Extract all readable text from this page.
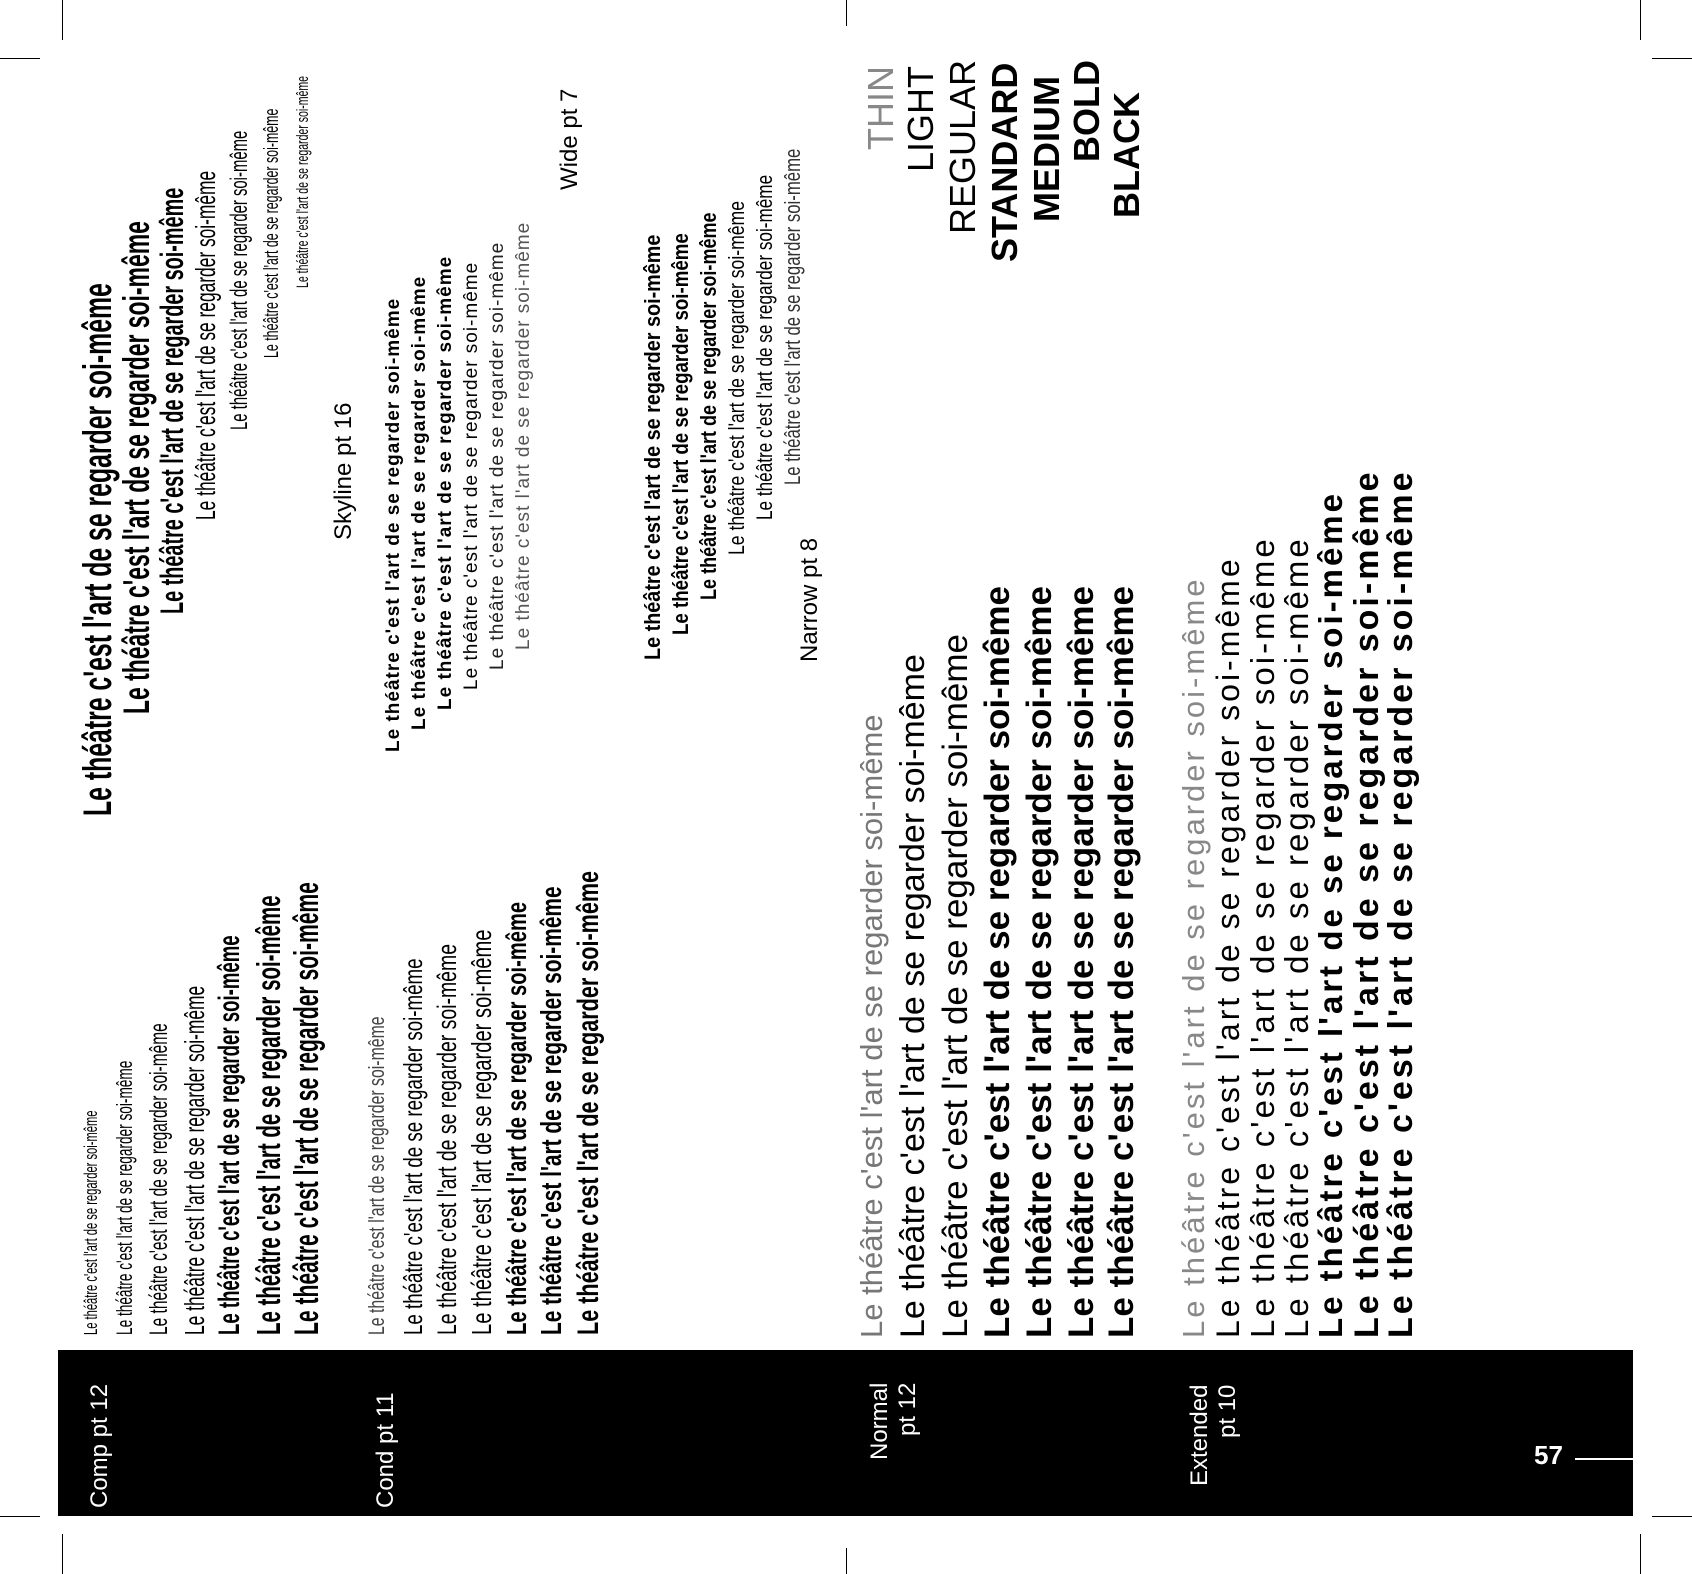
Comp pt 12	Cond pt 11	Normal pt 12	Extended pt 10
57
Le théâtre c'est l'art de se regarder soi-même Le théâtre c'est l'art de se regarder soi-même Le théâtre c'est l'art de se regarder soi-même Le théâtre c'est l'art de se regarder soi-même Le théâtre c'est l'art de se regarder soi-même Le théâtre c'est l'art de se regarder soi-même Le théâtre c'est l'art de se regarder soi-même Le théâtre c'est l'art de se regarder soi-même Le théâtre c'est l'art de se regarder soi-même Le théâtre c'est l'art de se regarder soi-même Le théâtre c'est l'art de se regarder soi-même Le théâtre c'est l'art de se regarder soi-même Le théâtre c'est l'art de se regarder soi-même Le théâtre c'est l'art de se regarder soi-même
Le théâtre c'est l'art de se regarder soi-même
Le théâtre c'est l'art de se regarder soi-même
Le théâtre c'est l'art de se regarder soi-même Le théâtre c'est l'art de se regarder soi-même Le théâtre c'est l'art de se regarder soi-même Le théâtre c'est l'art de se regarder soi-même Le théâtre c'est l'art de se regarder soi-même
Skyline pt 16 Le théâtre c'est l'art de se regarder soi-même Le théâtre c'est l'art de se regarder soi-même Le théâtre c'est l'art de se regarder soi-même Le théâtre c'est l'art de se regarder soi-même Le théâtre c'est l'art de se regarder soi-même Le théâtre c'est l'art de se regarder soi-même
Wide pt 7
Le théâtre c'est l'art de se regarder soi-même Le théâtre c'est l'art de se regarder soi-même Le théâtre c'est l'art de se regarder soi-même Le théâtre c'est l'art de se regarder soi-même Le théâtre c'est l'art de se regarder soi-même Le théâtre c'est l'art de se regarder soi-même
Narrow pt 8
Le théâtre c'est l'art de se regarder soi-même Le théâtre c'est l'art de se regarder soi-même Le théâtre c'est l'art de se regarder soi-même Le théâtre c'est l'art de se regarder soi-même Le théâtre c'est l'art de se regarder soi-même Le théâtre c'est l'art de se regarder soi-même Le théâtre c'est l'art de se regarder soi-même
THIN LIGHT REGULAR STANDARD MEDIUM BOLD BLACK
Le théâtre c'est l'art de se regarder soi-même Le théâtre c'est l'art de se regarder soi-même
Le théâtre c'est l'art de se regarder soi-même
Le théâtre c'est l'art de se regarder soi-même
Le théâtre c'est l'art de se regarder soi-même Le théâtre c'est l'art de se regarder soi-même
Le théâtre c'est l'art de se regarder soi-même
